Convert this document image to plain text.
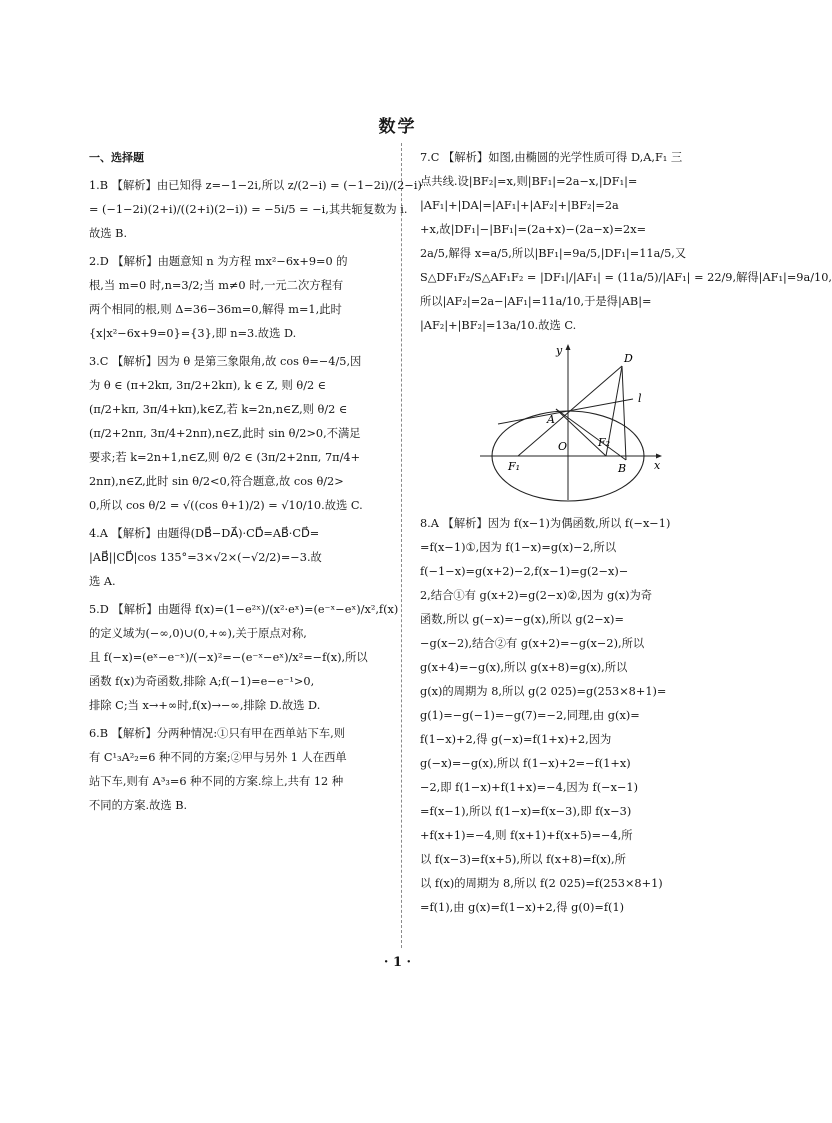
数学
一、选择题
1.B 【解析】由已知得 z=−1−2i,所以 z/(2−i) = (−1−2i)/(2−i)
= (−1−2i)(2+i)/((2+i)(2−i)) = −5i/5 = −i,其共轭复数为 i.
故选 B.
2.D 【解析】由题意知 n 为方程 mx²−6x+9=0 的
根,当 m=0 时,n=3/2;当 m≠0 时,一元二次方程有
两个相同的根,则 Δ=36−36m=0,解得 m=1,此时
{x|x²−6x+9=0}={3},即 n=3.故选 D.
3.C 【解析】因为 θ 是第三象限角,故 cos θ=−4/5,因
为 θ ∈ (π+2kπ, 3π/2+2kπ), k ∈ Z, 则 θ/2 ∈
(π/2+kπ, 3π/4+kπ),k∈Z,若 k=2n,n∈Z,则 θ/2 ∈
(π/2+2nπ, 3π/4+2nπ),n∈Z,此时 sin θ/2>0,不满足
要求;若 k=2n+1,n∈Z,则 θ/2 ∈ (3π/2+2nπ, 7π/4+
2nπ),n∈Z,此时 sin θ/2<0,符合题意,故 cos θ/2>
0,所以 cos θ/2 = √((cos θ+1)/2) = √10/10.故选 C.
4.A 【解析】由题得(DB⃗−DA⃗)·CD⃗=AB⃗·CD⃗=
|AB⃗||CD⃗|cos 135°=3×√2×(−√2/2)=−3.故
选 A.
5.D 【解析】由题得 f(x)=(1−e²ˣ)/(x²·eˣ)=(e⁻ˣ−eˣ)/x²,f(x)
的定义域为(−∞,0)∪(0,+∞),关于原点对称,
且 f(−x)=(eˣ−e⁻ˣ)/(−x)²=−(e⁻ˣ−eˣ)/x²=−f(x),所以
函数 f(x)为奇函数,排除 A;f(−1)=e−e⁻¹>0,
排除 C;当 x→+∞时,f(x)→−∞,排除 D.故选 D.
6.B 【解析】分两种情况:①只有甲在西单站下车,则
有 C¹₃A²₂=6 种不同的方案;②甲与另外 1 人在西单
站下车,则有 A³₃=6 种不同的方案.综上,共有 12 种
不同的方案.故选 B.
7.C 【解析】如图,由椭圆的光学性质可得 D,A,F₁ 三
点共线.设|BF₂|=x,则|BF₁|=2a−x,|DF₁|=
|AF₁|+|DA|=|AF₁|+|AF₂|+|BF₂|=2a
+x,故|DF₁|−|BF₁|=(2a+x)−(2a−x)=2x=
2a/5,解得 x=a/5,所以|BF₁|=9a/5,|DF₁|=11a/5,又
S△DF₁F₂/S△AF₁F₂ = |DF₁|/|AF₁| = (11a/5)/|AF₁| = 22/9,解得|AF₁|=9a/10,
所以|AF₂|=2a−|AF₁|=11a/10,于是得|AB|=
|AF₂|+|BF₂|=13a/10.故选 C.
y
x
D
l
A
F₂
O
F₁	B
8.A 【解析】因为 f(x−1)为偶函数,所以 f(−x−1)
=f(x−1)①,因为 f(1−x)=g(x)−2,所以
f(−1−x)=g(x+2)−2,f(x−1)=g(2−x)−
2,结合①有 g(x+2)=g(2−x)②,因为 g(x)为奇
函数,所以 g(−x)=−g(x),所以 g(2−x)=
−g(x−2),结合②有 g(x+2)=−g(x−2),所以
g(x+4)=−g(x),所以 g(x+8)=g(x),所以
g(x)的周期为 8,所以 g(2 025)=g(253×8+1)=
g(1)=−g(−1)=−g(7)=−2,同理,由 g(x)=
f(1−x)+2,得 g(−x)=f(1+x)+2,因为
g(−x)=−g(x),所以 f(1−x)+2=−f(1+x)
−2,即 f(1−x)+f(1+x)=−4,因为 f(−x−1)
=f(x−1),所以 f(1−x)=f(x−3),即 f(x−3)
+f(x+1)=−4,则 f(x+1)+f(x+5)=−4,所
以 f(x−3)=f(x+5),所以 f(x+8)=f(x),所
以 f(x)的周期为 8,所以 f(2 025)=f(253×8+1)
=f(1),由 g(x)=f(1−x)+2,得 g(0)=f(1)
· 1 ·
